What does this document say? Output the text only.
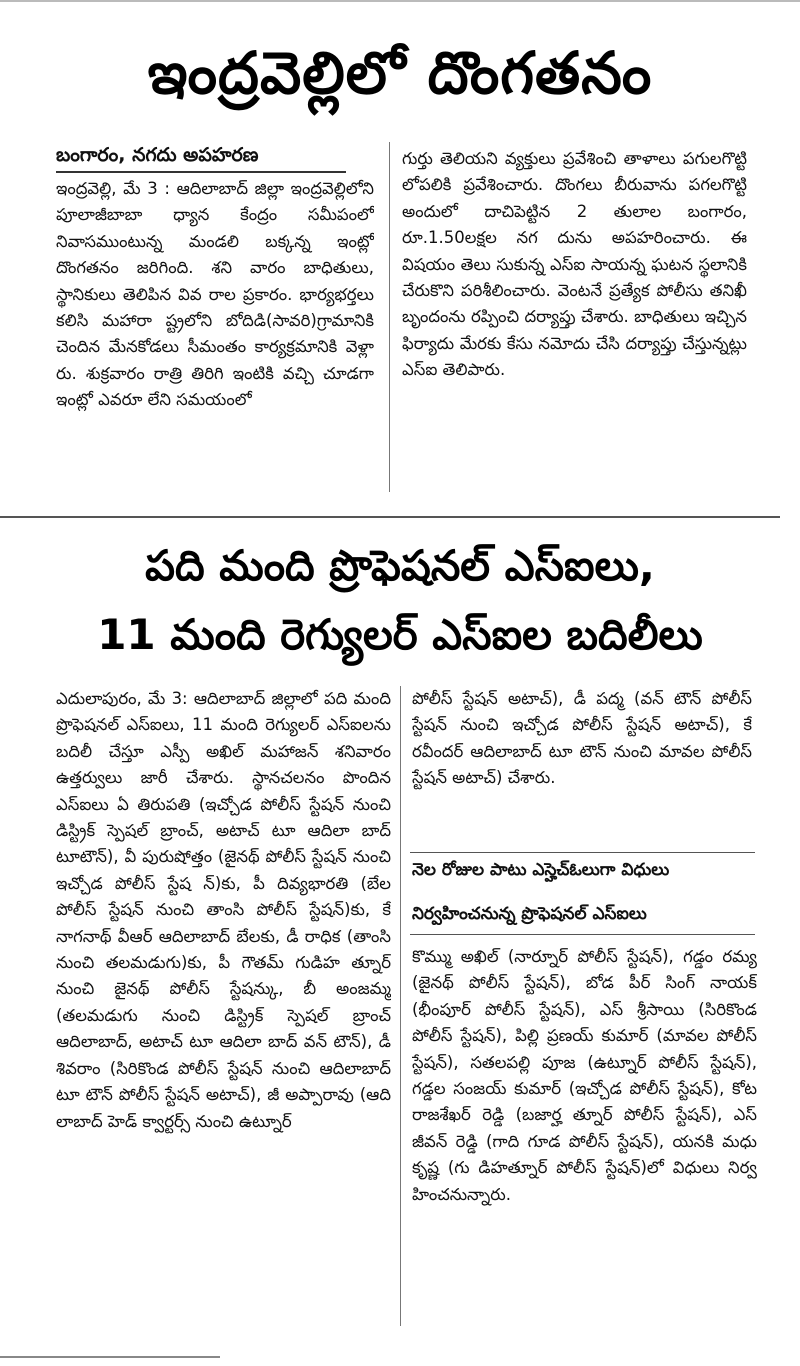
ఇంద్రవెల్లిలో దొంగతనం
బంగారం, నగదు అపహరణ

ఇంద్రవెల్లి, మే 3 : ఆదిలాబాద్ జిల్లా ఇంద్రవెల్లిలోని పూలాజీబాబా ధ్యాన కేంద్రం సమీపంలో నివాసముంటున్న మండలి బక్కన్న ఇంట్లో దొంగతనం జరిగింది. శని వారం బాధితులు, స్థానికులు తెలిపిన వివ రాల ప్రకారం. భార్యభర్తలు కలిసి మహారా ష్ట్రలోని బోదిడి(సావరి)గ్రామానికి చెందిన మేనకోడలు సీమంతం కార్యక్రమానికి వెళ్లా రు. శుక్రవారం రాత్రి తిరిగి ఇంటికి వచ్చి చూడగా ఇంట్లో ఎవరూ లేని సమయంలో

గుర్తు తెలియని వ్యక్తులు ప్రవేశించి తాళాలు పగులగొట్టి లోపలికి ప్రవేశించారు. దొంగలు బీరువాను పగలగొట్టి అందులో దాచిపెట్టిన 2 తులాల బంగారం, రూ.1.50లక్షల నగ దును అపహరించారు. ఈ విషయం తెలు సుకున్న ఎస్ఐ సాయన్న ఘటన స్థలానికి చేరుకొని పరిశీలించారు. వెంటనే ప్రత్యేక పోలీసు తనిఖీ బృందంను రప్పించి దర్యాప్తు చేశారు. బాధితులు ఇచ్చిన ఫిర్యాదు మేరకు కేసు నమోదు చేసి దర్యాప్తు చేస్తున్నట్లు ఎస్ఐ తెలిపారు.

పది మంది ప్రొఫెషనల్ ఎస్ఐలు,
11 మంది రెగ్యులర్ ఎస్ఐల బదిలీలు

ఎదులాపురం, మే 3: ఆదిలాబాద్ జిల్లాలో పది మంది ప్రొఫెషనల్ ఎస్ఐలు, 11 మంది రెగ్యులర్ ఎస్ఐలను బదిలీ చేస్తూ ఎస్పీ అఖిల్ మహాజన్ శనివారం ఉత్తర్వులు జారీ చేశారు. స్థానచలనం పొందిన ఎస్ఐలు ఏ తిరుపతి (ఇచ్చోడ పోలీస్ స్టేషన్ నుంచి డిస్ట్రిక్ స్పెషల్ బ్రాంచ్, అటాచ్ టూ ఆదిలా బాద్ టూటౌన్), వీ పురుషోత్తం (జైనథ్ పోలీస్ స్టేషన్ నుంచి ఇచ్చోడ పోలీస్ స్టేష న్)కు, పీ దివ్యభారతి (బేల పోలీస్ స్టేషన్ నుంచి తాంసి పోలీస్ స్టేషన్)కు, కే నాగనాథ్ వీఆర్ ఆదిలాబాద్ బేలకు, డీ రాధిక (తాంసి నుంచి తలమడుగు)కు, పీ గౌతమ్ గుడిహ త్నూర్ నుంచి జైనథ్ పోలీస్ స్టేషన్కు, బీ అంజమ్మ (తలమడుగు నుంచి డిస్ట్రిక్ స్పెషల్ బ్రాంచ్ ఆదిలాబాద్, అటాచ్ టూ ఆదిలా బాద్ వన్ టౌన్), డీ శివరాం (సిరికొండ పోలీస్ స్టేషన్ నుంచి ఆదిలాబాద్ టూ టౌన్ పోలీస్ స్టేషన్ అటాచ్), జీ అప్పారావు (ఆది లాబాద్ హెడ్ క్వార్టర్స్ నుంచి ఉట్నూర్

పోలీస్ స్టేషన్ అటాచ్), డీ పద్మ (వన్ టౌన్ పోలీస్ స్టేషన్ నుంచి ఇచ్చోడ పోలీస్ స్టేషన్ అటాచ్), కే రవీందర్ ఆదిలాబాద్ టూ టౌన్ నుంచి మావల పోలీస్ స్టేషన్ అటాచ్) చేశారు.

నెల రోజుల పాటు ఎస్హెచ్ఓలుగా విధులు
నిర్వహించనున్న ప్రొఫెషనల్ ఎస్ఐలు

కొమ్ము అఖిల్ (నార్నూర్ పోలీస్ స్టేషన్), గడ్డం రమ్య (జైనథ్ పోలీస్ స్టేషన్), బోడ పీర్ సింగ్ నాయక్ (భీంపూర్ పోలీస్ స్టేషన్), ఎస్ శ్రీసాయి (సిరికొండ పోలీస్ స్టేషన్), పిల్లి ప్రణయ్ కుమార్ (మావల పోలీస్ స్టేషన్), సతలపల్లి పూజ (ఉట్నూర్ పోలీస్ స్టేషన్), గడ్డల సంజయ్ కుమార్ (ఇచ్చోడ పోలీస్ స్టేషన్), కోట రాజశేఖర్ రెడ్డి (బజార్హ త్నూర్ పోలీస్ స్టేషన్), ఎస్ జీవన్ రెడ్డి (గాది గూడ పోలీస్ స్టేషన్), యనకి మధు కృష్ణ (గు డిహత్నూర్ పోలీస్ స్టేషన్)లో విధులు నిర్వ హించనున్నారు.
